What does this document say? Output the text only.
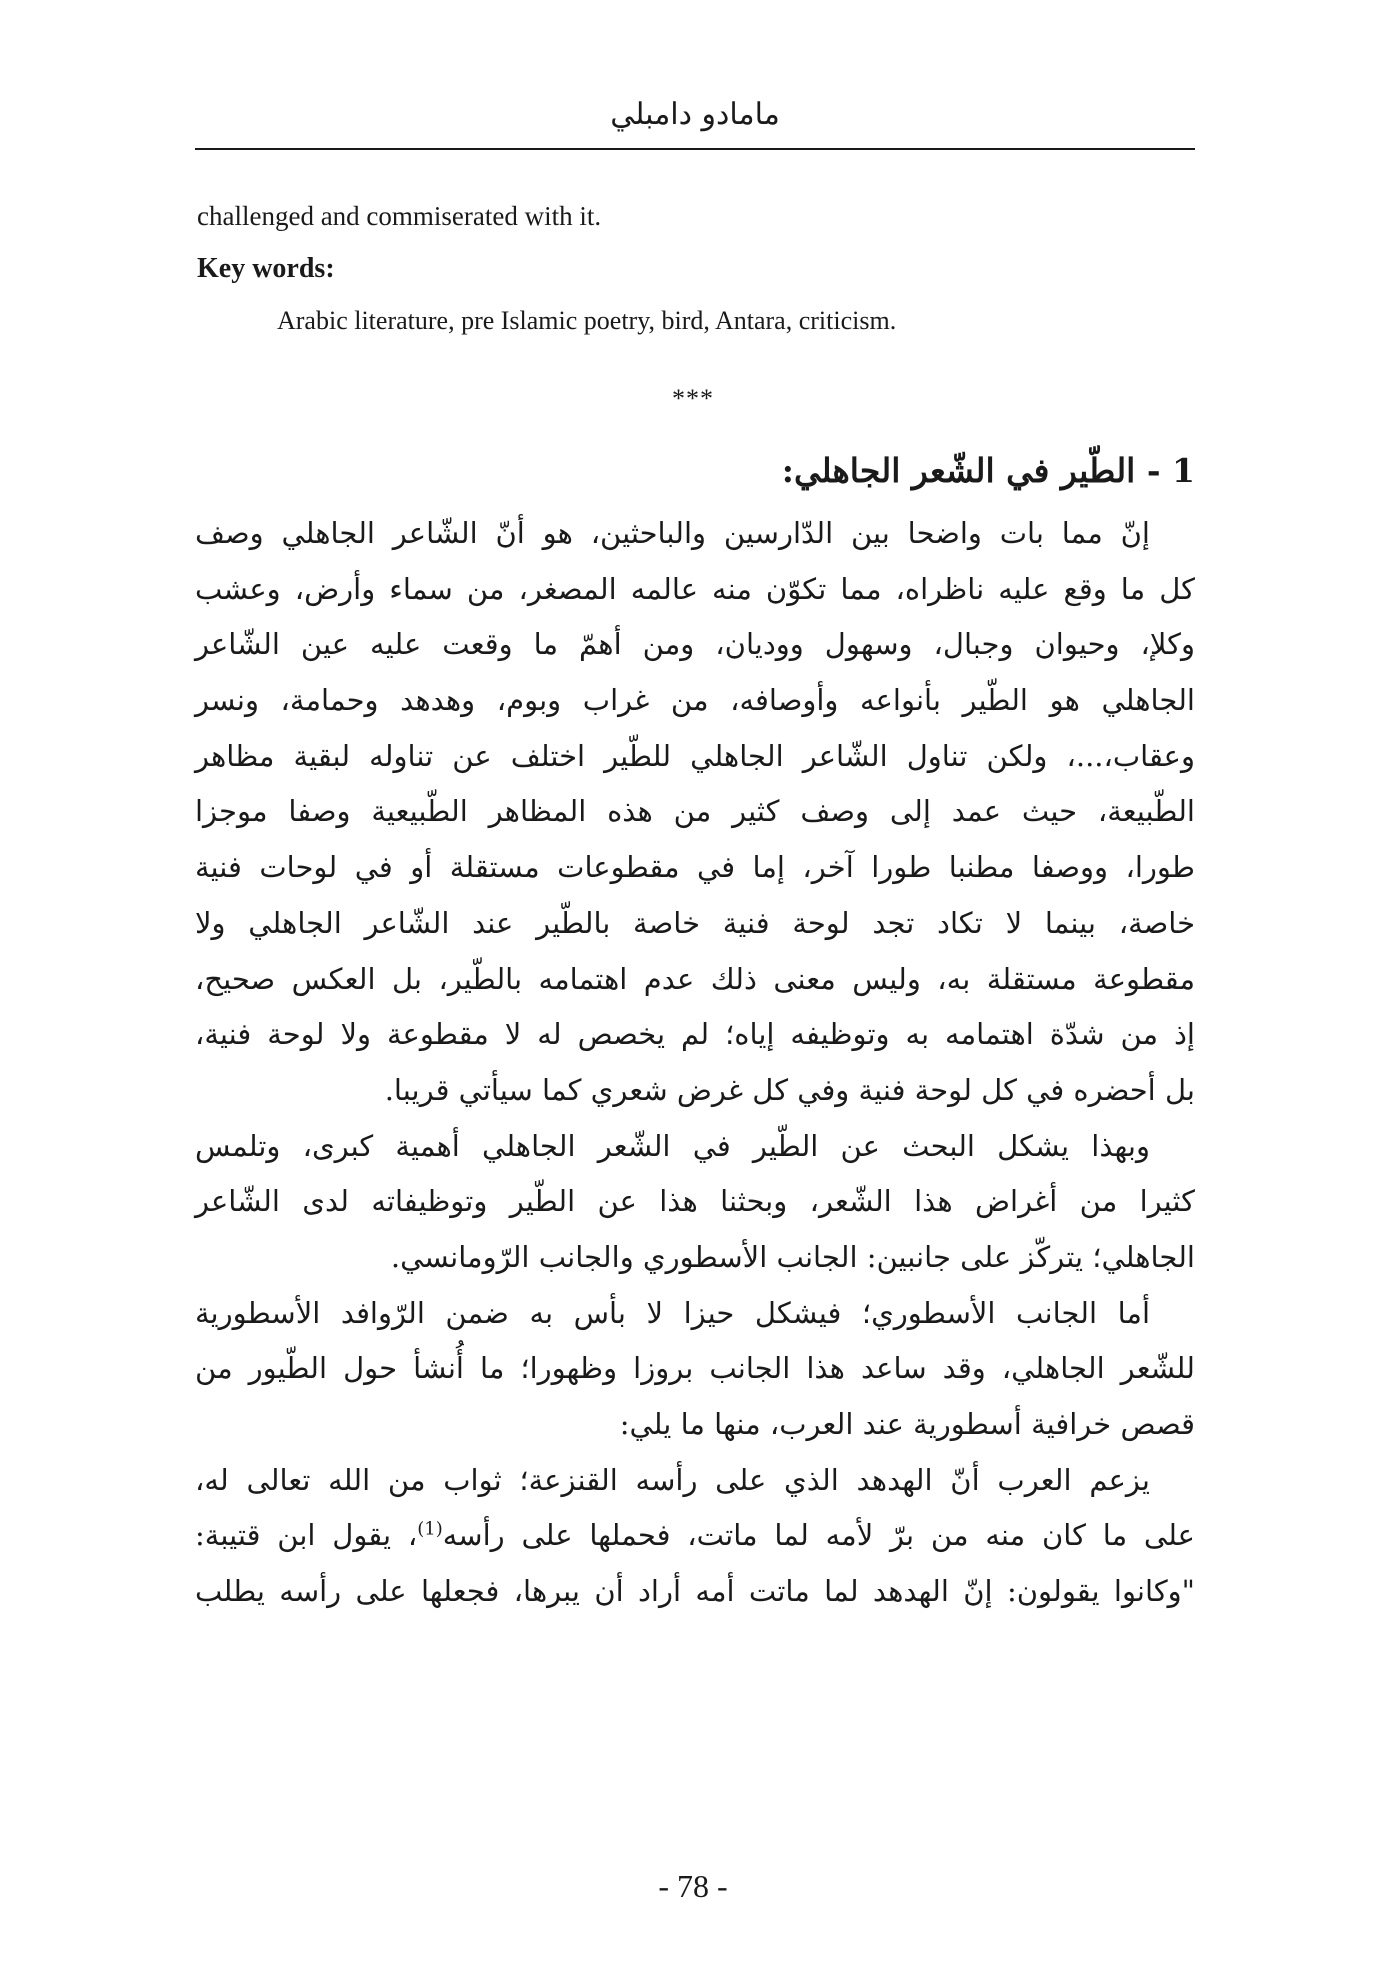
مامادو دامبلي
challenged and commiserated with it.
Key words:
Arabic literature, pre Islamic poetry, bird, Antara, criticism.
***
1 - الطّير في الشّعر الجاهلي:
إنّ مما بات واضحا بين الدّارسين والباحثين، هو أنّ الشّاعر الجاهلي وصف
كل ما وقع عليه ناظراه، مما تكوّن منه عالمه المصغر، من سماء وأرض، وعشب
وكلإ، وحيوان وجبال، وسهول ووديان، ومن أهمّ ما وقعت عليه عين الشّاعر
الجاهلي هو الطّير بأنواعه وأوصافه، من غراب وبوم، وهدهد وحمامة، ونسر
وعقاب،...، ولكن تناول الشّاعر الجاهلي للطّير اختلف عن تناوله لبقية مظاهر
الطّبيعة، حيث عمد إلى وصف كثير من هذه المظاهر الطّبيعية وصفا موجزا
طورا، ووصفا مطنبا طورا آخر، إما في مقطوعات مستقلة أو في لوحات فنية
خاصة، بينما لا تكاد تجد لوحة فنية خاصة بالطّير عند الشّاعر الجاهلي ولا
مقطوعة مستقلة به، وليس معنى ذلك عدم اهتمامه بالطّير، بل العكس صحيح،
إذ من شدّة اهتمامه به وتوظيفه إياه؛ لم يخصص له لا مقطوعة ولا لوحة فنية،
بل أحضره في كل لوحة فنية وفي كل غرض شعري كما سيأتي قريبا.
وبهذا يشكل البحث عن الطّير في الشّعر الجاهلي أهمية كبرى، وتلمس
كثيرا من أغراض هذا الشّعر، وبحثنا هذا عن الطّير وتوظيفاته لدى الشّاعر
الجاهلي؛ يتركّز على جانبين: الجانب الأسطوري والجانب الرّومانسي.
أما الجانب الأسطوري؛ فيشكل حيزا لا بأس به ضمن الرّوافد الأسطورية
للشّعر الجاهلي، وقد ساعد هذا الجانب بروزا وظهورا؛ ما أُنشأ حول الطّيور من
قصص خرافية أسطورية عند العرب، منها ما يلي:
يزعم العرب أنّ الهدهد الذي على رأسه القنزعة؛ ثواب من الله تعالى له،
على ما كان منه من برّ لأمه لما ماتت، فحملها على رأسه$^{(1)}$، يقول ابن قتيبة:
"وكانوا يقولون: إنّ الهدهد لما ماتت أمه أراد أن يبرها، فجعلها على رأسه يطلب
- 78 -
